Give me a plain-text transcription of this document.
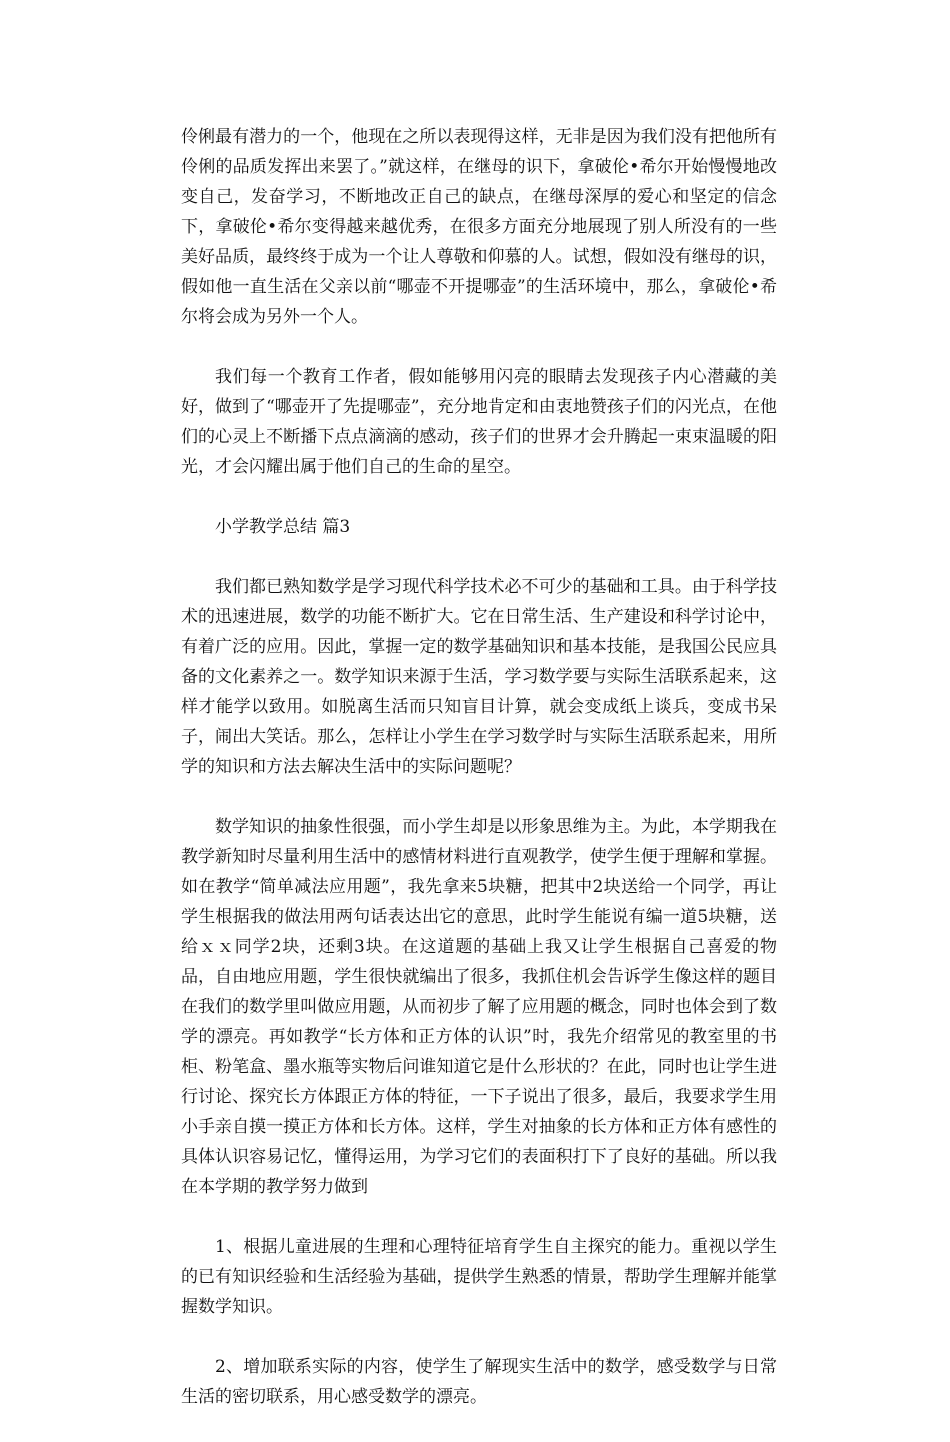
伶俐最有潜力的一个，他现在之所以表现得这样，无非是因为我们没有把他所有伶俐的品质发挥出来罢了。”就这样，在继母的识下，拿破伦•希尔开始慢慢地改变自己，发奋学习，不断地改正自己的缺点，在继母深厚的爱心和坚定的信念下，拿破伦•希尔变得越来越优秀，在很多方面充分地展现了别人所没有的一些美好品质，最终终于成为一个让人尊敬和仰慕的人。试想，假如没有继母的识，假如他一直生活在父亲以前“哪壶不开提哪壶”的生活环境中，那么，拿破伦•希尔将会成为另外一个人。

我们每一个教育工作者，假如能够用闪亮的眼睛去发现孩子内心潜藏的美好，做到了“哪壶开了先提哪壶”，充分地肯定和由衷地赞孩子们的闪光点，在他们的心灵上不断播下点点滴滴的感动，孩子们的世界才会升腾起一束束温暖的阳光，才会闪耀出属于他们自己的生命的星空。

小学教学总结 篇3

我们都已熟知数学是学习现代科学技术必不可少的基础和工具。由于科学技术的迅速进展，数学的功能不断扩大。它在日常生活、生产建设和科学讨论中，有着广泛的应用。因此，掌握一定的数学基础知识和基本技能，是我国公民应具备的文化素养之一。数学知识来源于生活，学习数学要与实际生活联系起来，这样才能学以致用。如脱离生活而只知盲目计算，就会变成纸上谈兵，变成书呆子，闹出大笑话。那么，怎样让小学生在学习数学时与实际生活联系起来，用所学的知识和方法去解决生活中的实际问题呢？

数学知识的抽象性很强，而小学生却是以形象思维为主。为此，本学期我在教学新知时尽量利用生活中的感情材料进行直观教学，使学生便于理解和掌握。如在教学“简单减法应用题”，我先拿来5块糖，把其中2块送给一个同学，再让学生根据我的做法用两句话表达出它的意思，此时学生能说有编一道5块糖，送给ｘｘ同学2块，还剩3块。在这道题的基础上我又让学生根据自己喜爱的物品，自由地应用题，学生很快就编出了很多，我抓住机会告诉学生像这样的题目在我们的数学里叫做应用题，从而初步了解了应用题的概念，同时也体会到了数学的漂亮。再如教学“长方体和正方体的认识”时，我先介绍常见的教室里的书柜、粉笔盒、墨水瓶等实物后问谁知道它是什么形状的？在此，同时也让学生进行讨论、探究长方体跟正方体的特征，一下子说出了很多，最后，我要求学生用小手亲自摸一摸正方体和长方体。这样，学生对抽象的长方体和正方体有感性的具体认识容易记忆，懂得运用，为学习它们的表面积打下了良好的基础。所以我在本学期的教学努力做到

1、根据儿童进展的生理和心理特征培育学生自主探究的能力。重视以学生的已有知识经验和生活经验为基础，提供学生熟悉的情景，帮助学生理解并能掌握数学知识。

2、增加联系实际的内容，使学生了解现实生活中的数学，感受数学与日常生活的密切联系，用心感受数学的漂亮。
